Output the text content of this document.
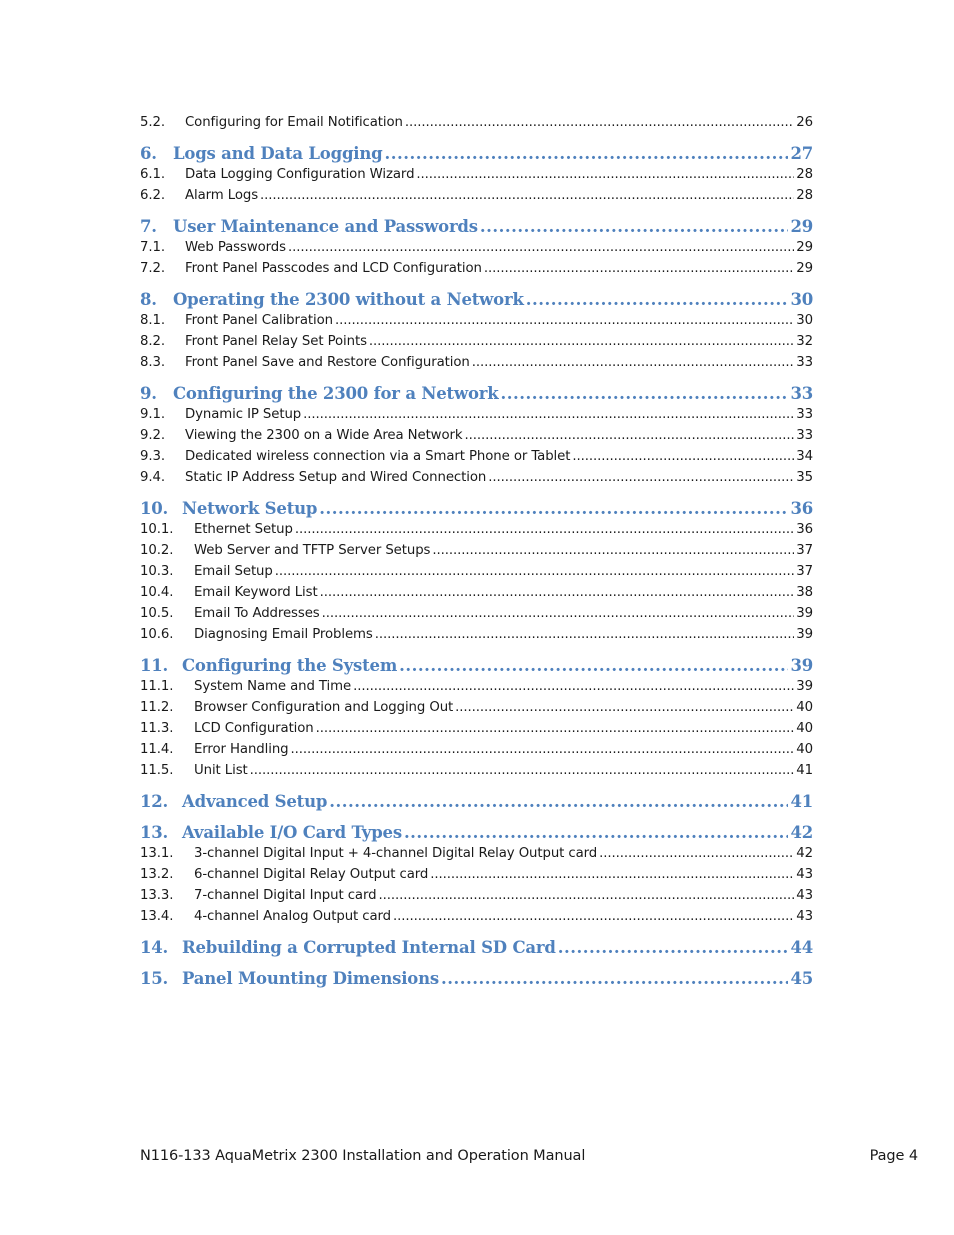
5.2.	Configuring for Email Notification .....	26
6. Logs and Data Logging .....	27
6.1.	Data Logging Configuration Wizard .....	28
6.2.	Alarm Logs .....	28
7. User Maintenance and Passwords .....	29
7.1.	Web Passwords .....	29
7.2.	Front Panel Passcodes and LCD Configuration .....	29
8. Operating the 2300 without a Network .....	30
8.1.	Front Panel Calibration .....	30
8.2.	Front Panel Relay Set Points .....	32
8.3.	Front Panel Save and Restore Configuration .....	33
9. Configuring the 2300 for a Network .....	33
9.1.	Dynamic IP Setup .....	33
9.2.	Viewing the 2300 on a Wide Area Network .....	33
9.3.	Dedicated wireless connection via a Smart Phone or Tablet .....	34
9.4.	Static IP Address Setup and Wired Connection .....	35
10. Network Setup .....	36
10.1.	Ethernet Setup .....	36
10.2.	Web Server and TFTP Server Setups .....	37
10.3.	Email Setup .....	37
10.4.	Email Keyword List .....	38
10.5.	Email To Addresses .....	39
10.6.	Diagnosing Email Problems .....	39
11. Configuring the System .....	39
11.1.	System Name and Time .....	39
11.2.	Browser Configuration and Logging Out .....	40
11.3.	LCD Configuration .....	40
11.4.	Error Handling .....	40
11.5.	Unit List .....	41
12. Advanced Setup .....	41
13. Available I/O Card Types .....	42
13.1.	3-channel Digital Input + 4-channel Digital Relay Output card .....	42
13.2.	6-channel Digital Relay Output card .....	43
13.3.	7-channel Digital Input card .....	43
13.4.	4-channel Analog Output card .....	43
14. Rebuilding a Corrupted Internal SD Card .....	44
15. Panel Mounting Dimensions .....	45
N116-133 AquaMetrix 2300 Installation and Operation Manual	Page 4
